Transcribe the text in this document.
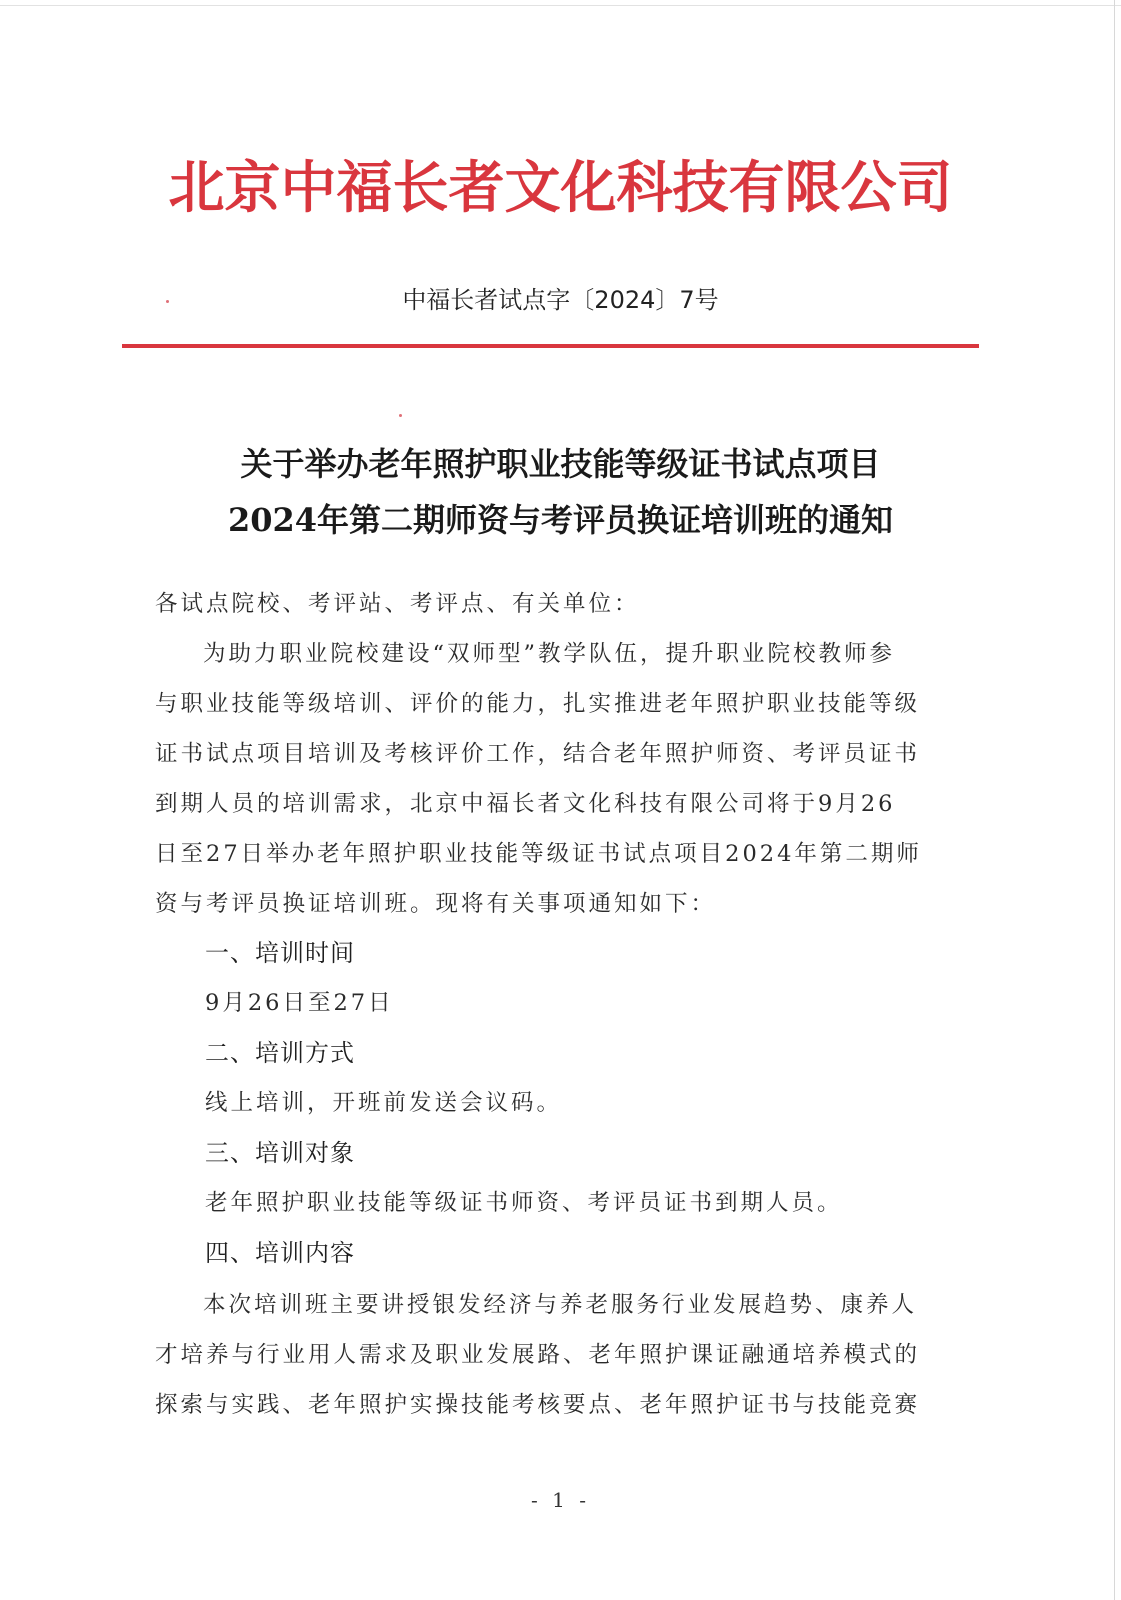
北京中福长者文化科技有限公司
中福长者试点字〔2024〕7号
关于举办老年照护职业技能等级证书试点项目
2024年第二期师资与考评员换证培训班的通知
各试点院校、考评站、考评点、有关单位：
为助力职业院校建设“双师型”教学队伍，提升职业院校教师参
与职业技能等级培训、评价的能力，扎实推进老年照护职业技能等级
证书试点项目培训及考核评价工作，结合老年照护师资、考评员证书
到期人员的培训需求，北京中福长者文化科技有限公司将于9月26
日至27日举办老年照护职业技能等级证书试点项目2024年第二期师
资与考评员换证培训班。现将有关事项通知如下：
一、培训时间
9月26日至27日
二、培训方式
线上培训，开班前发送会议码。
三、培训对象
老年照护职业技能等级证书师资、考评员证书到期人员。
四、培训内容
本次培训班主要讲授银发经济与养老服务行业发展趋势、康养人
才培养与行业用人需求及职业发展路、老年照护课证融通培养模式的
探索与实践、老年照护实操技能考核要点、老年照护证书与技能竞赛
- 1 -
